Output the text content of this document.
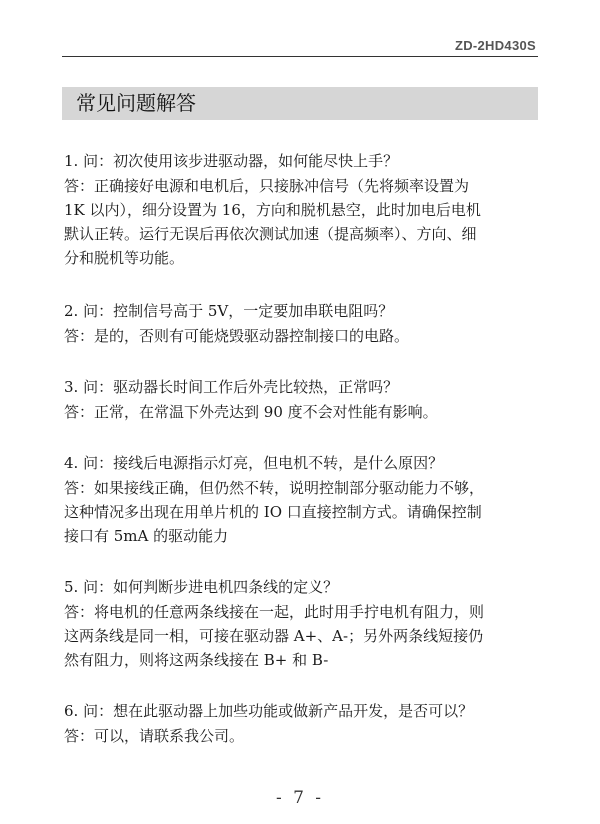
ZD-2HD430S
常见问题解答
1. 问：初次使用该步进驱动器，如何能尽快上手？
答：正确接好电源和电机后，只接脉冲信号（先将频率设置为
1K 以内），细分设置为 16，方向和脱机悬空，此时加电后电机
默认正转。运行无误后再依次测试加速（提高频率）、方向、细
分和脱机等功能。
2. 问：控制信号高于 5V，一定要加串联电阻吗？
答：是的，否则有可能烧毁驱动器控制接口的电路。
3. 问：驱动器长时间工作后外壳比较热，正常吗？
答：正常，在常温下外壳达到 90 度不会对性能有影响。
4. 问：接线后电源指示灯亮，但电机不转，是什么原因？
答：如果接线正确，但仍然不转，说明控制部分驱动能力不够，
这种情况多出现在用单片机的 IO 口直接控制方式。请确保控制
接口有 5mA 的驱动能力
5. 问：如何判断步进电机四条线的定义？
答：将电机的任意两条线接在一起，此时用手拧电机有阻力，则
这两条线是同一相，可接在驱动器 A+、A-；另外两条线短接仍
然有阻力，则将这两条线接在 B+ 和 B-
6. 问：想在此驱动器上加些功能或做新产品开发，是否可以？
答：可以，请联系我公司。
- 7 -
